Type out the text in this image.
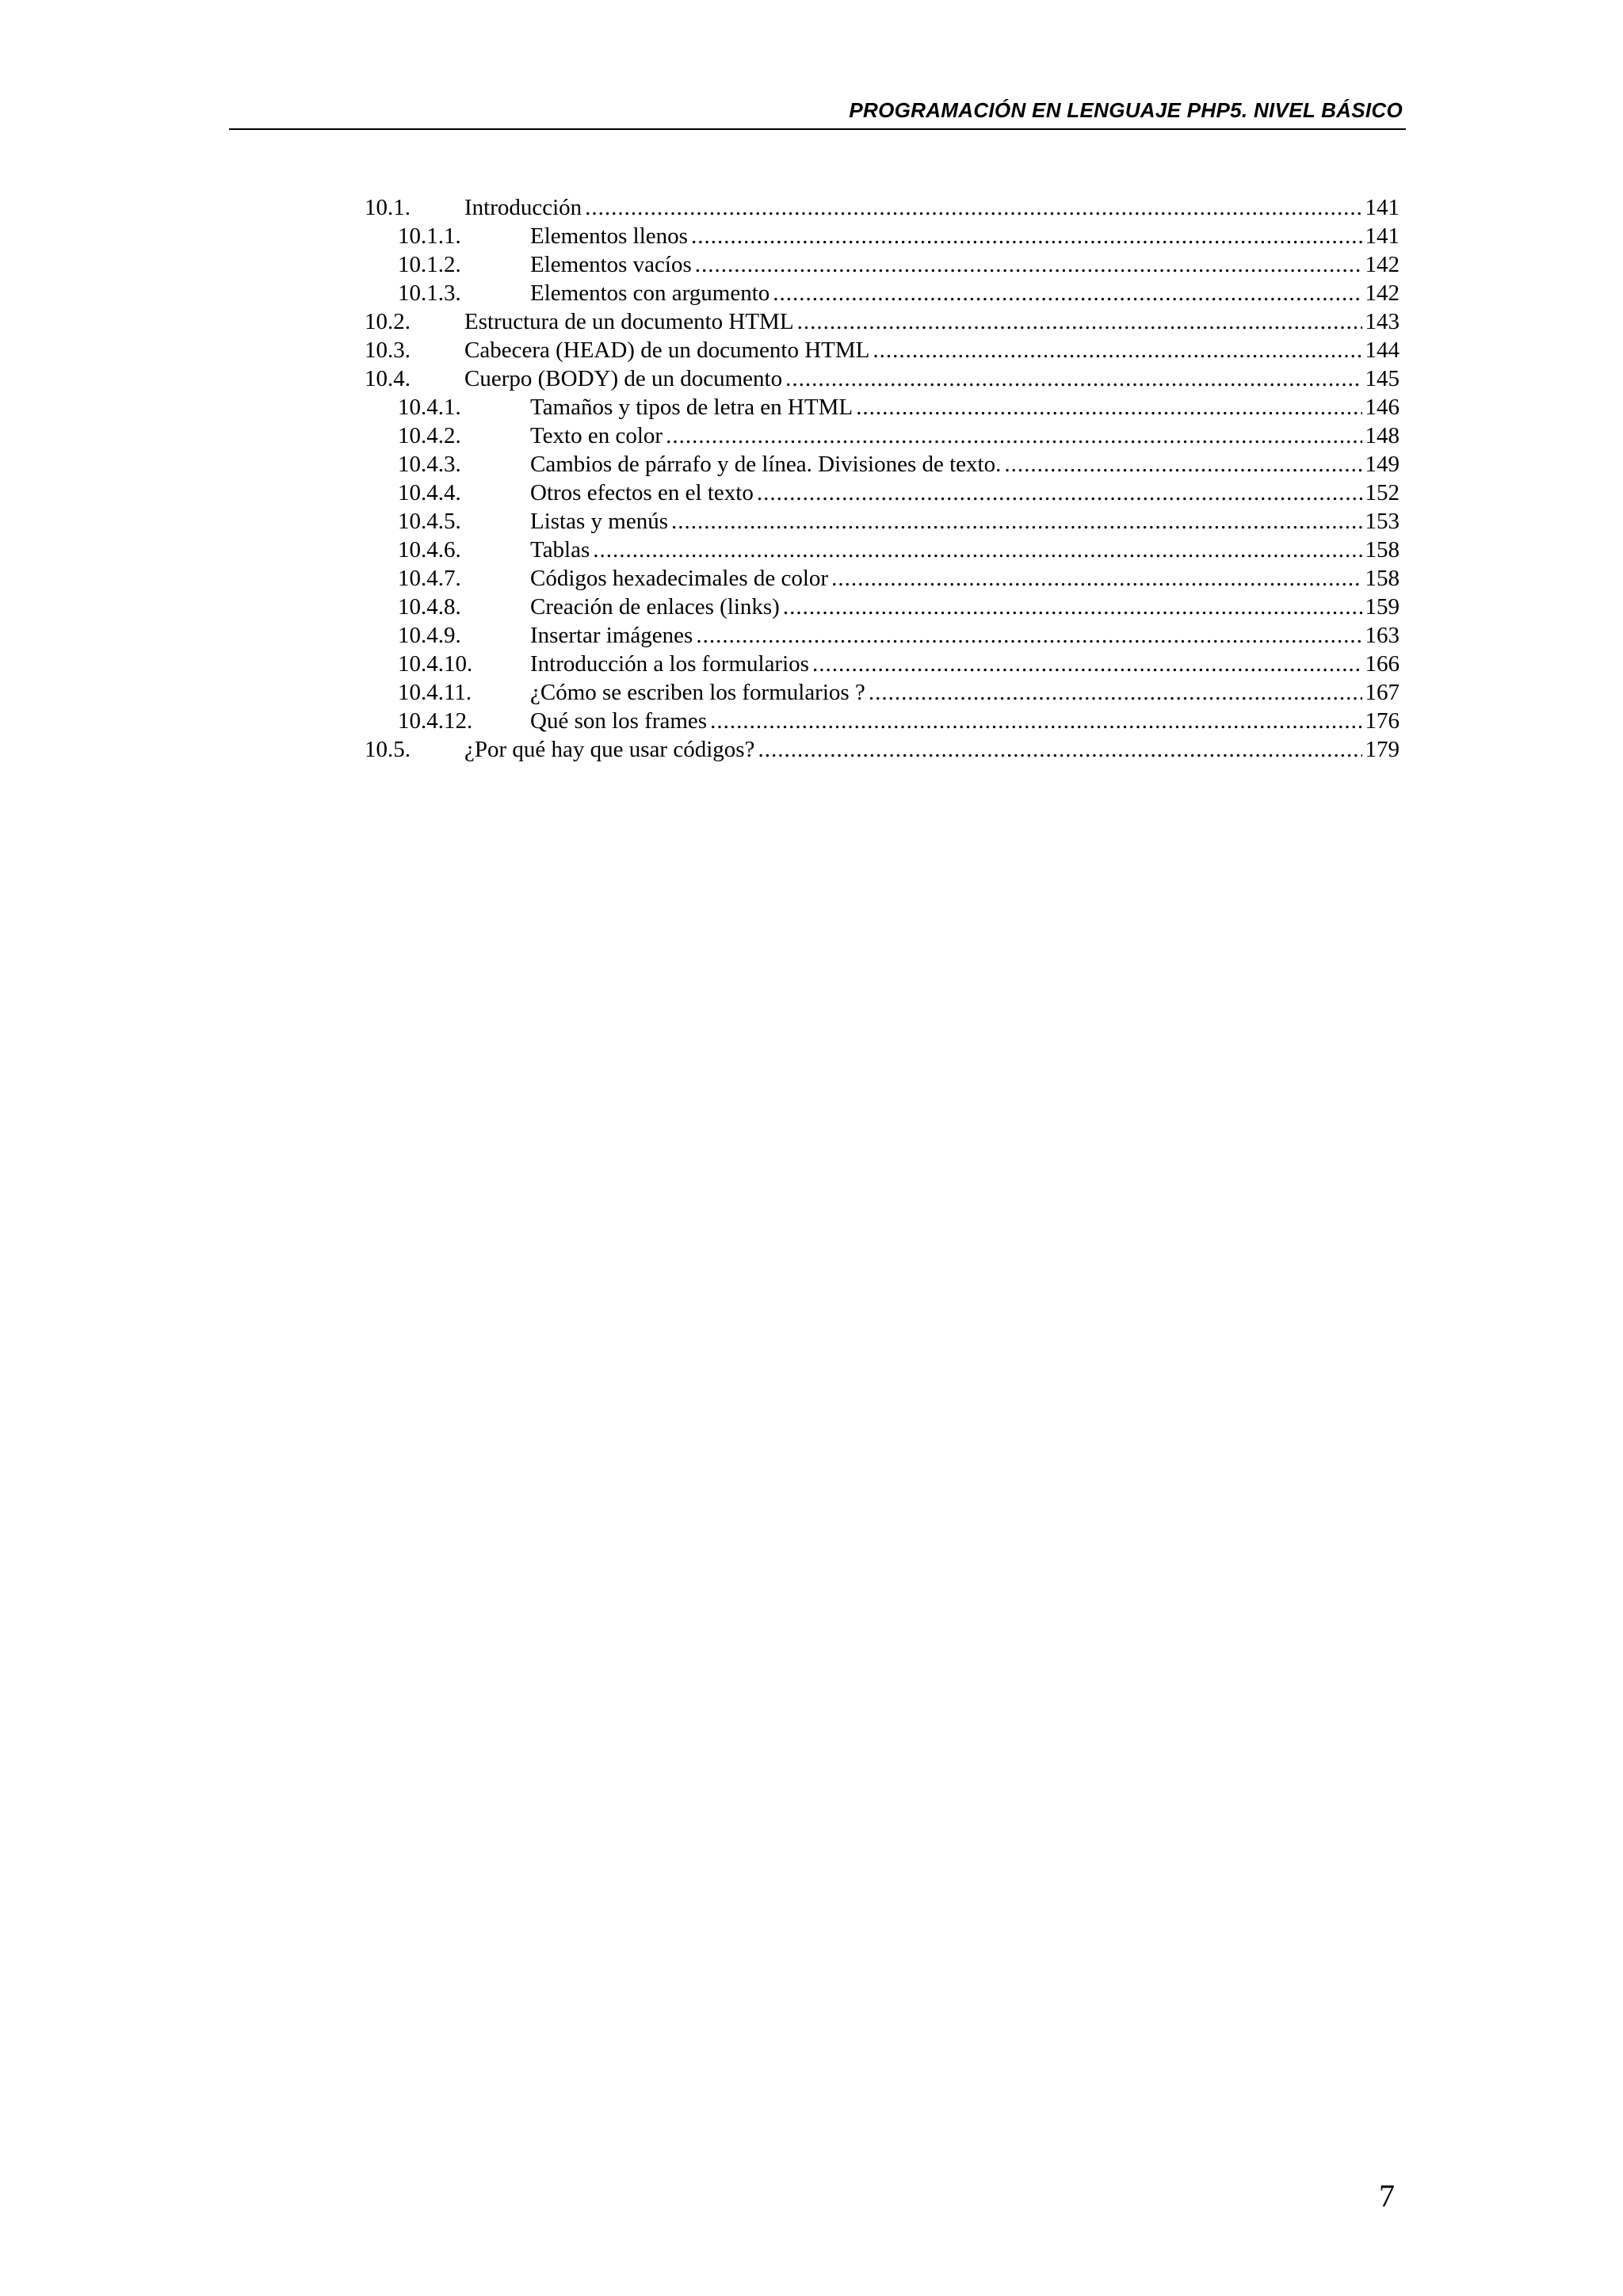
PROGRAMACIÓN EN LENGUAJE PHP5. NIVEL BÁSICO
10.1. Introducción .....	141
10.1.1.	Elementos llenos .....	141
10.1.2.	Elementos vacíos .....	142
10.1.3.	Elementos con argumento .....	142
10.2. Estructura de un documento HTML .....	143
10.3. Cabecera (HEAD) de un documento HTML .....	144
10.4. Cuerpo (BODY) de un documento .....	145
10.4.1.	Tamaños y tipos de letra en HTML .....	146
10.4.2.	Texto en color .....	148
10.4.3.	Cambios de párrafo y de línea. Divisiones de texto. .....	149
10.4.4.	Otros efectos en el texto .....	152
10.4.5.	Listas y menús .....	153
10.4.6.	Tablas .....	158
10.4.7.	Códigos hexadecimales de color .....	158
10.4.8.	Creación de enlaces (links) .....	159
10.4.9.	Insertar imágenes .....	163
10.4.10.	Introducción a los formularios .....	166
10.4.11.	¿Cómo se escriben los formularios ? .....	167
10.4.12.	Qué son los frames .....	176
10.5. ¿Por qué hay que usar códigos? .....	179
7
